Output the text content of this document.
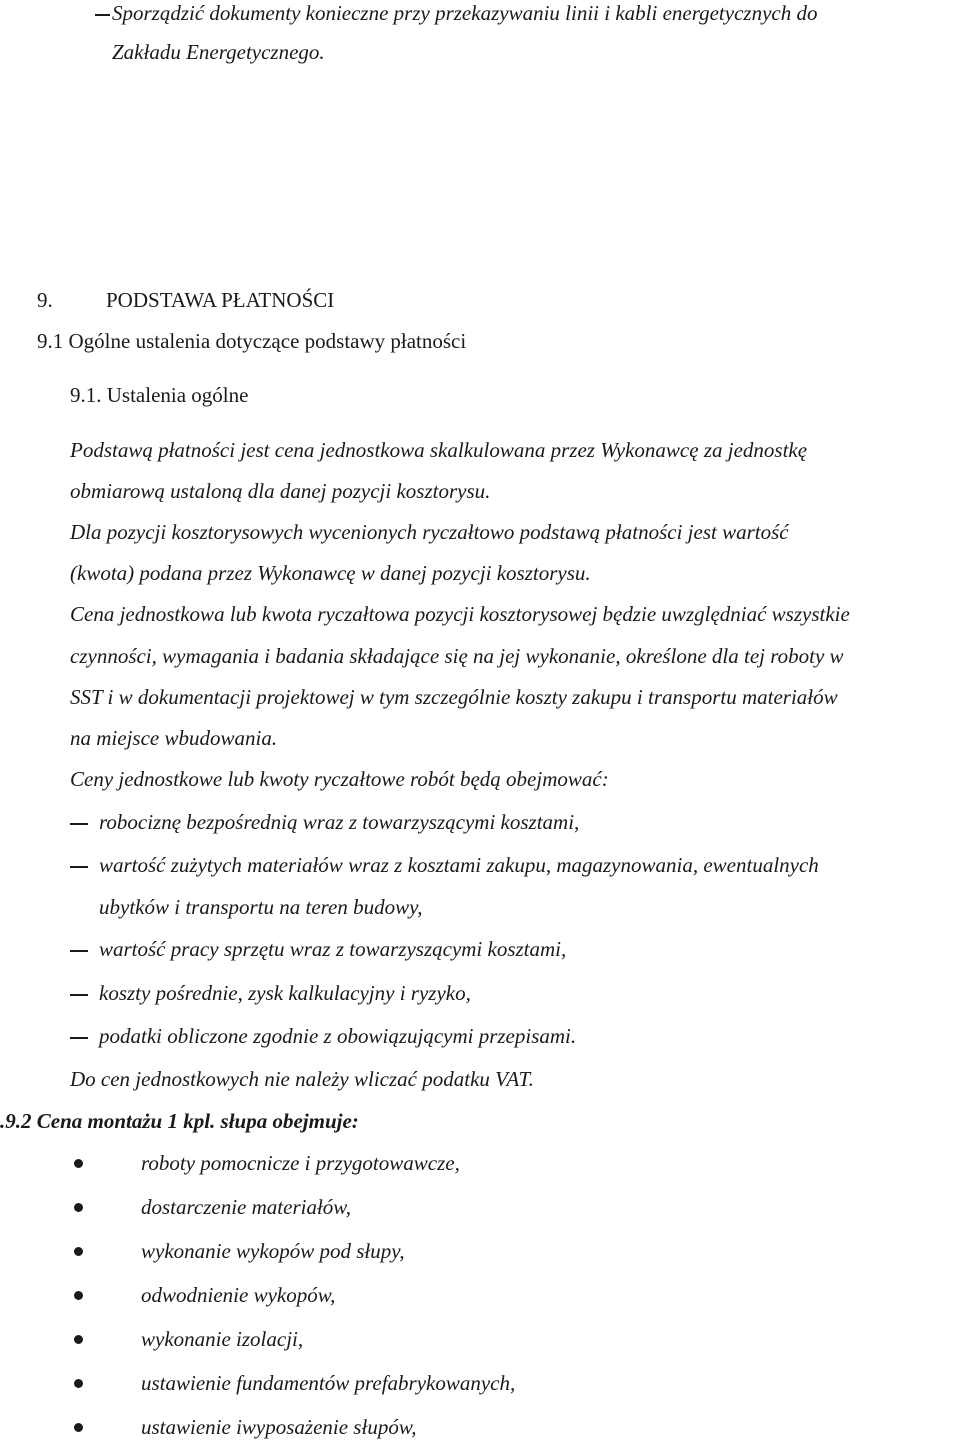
Sporządzić dokumenty konieczne przy przekazywaniu linii i kabli energetycznych do
Zakładu Energetycznego.
9.	PODSTAWA PŁATNOŚCI
9.1 Ogólne ustalenia dotyczące podstawy płatności
9.1. Ustalenia ogólne
Podstawą płatności jest cena jednostkowa skalkulowana przez Wykonawcę za jednostkę
obmiarową ustaloną dla danej pozycji kosztorysu.
Dla pozycji kosztorysowych wycenionych ryczałtowo podstawą płatności jest wartość
(kwota) podana przez Wykonawcę w danej pozycji kosztorysu.
Cena jednostkowa lub kwota ryczałtowa pozycji kosztorysowej będzie uwzględniać wszystkie
czynności, wymagania i badania składające się na jej wykonanie, określone dla tej roboty w
SST i w dokumentacji projektowej w tym szczególnie koszty zakupu i transportu materiałów
na miejsce wbudowania.
Ceny jednostkowe lub kwoty ryczałtowe robót będą obejmować:
robociznę bezpośrednią wraz z towarzyszącymi kosztami,
wartość zużytych materiałów wraz z kosztami zakupu, magazynowania, ewentualnych
ubytków i transportu na teren budowy,
wartość pracy sprzętu wraz z towarzyszącymi kosztami,
koszty pośrednie, zysk kalkulacyjny i ryzyko,
podatki obliczone zgodnie z obowiązującymi przepisami.
Do cen jednostkowych nie należy wliczać podatku VAT.
.9.2 Cena montażu 1 kpl. słupa obejmuje:
roboty pomocnicze i przygotowawcze,
dostarczenie materiałów,
wykonanie wykopów pod słupy,
odwodnienie wykopów,
wykonanie izolacji,
ustawienie fundamentów prefabrykowanych,
ustawienie iwyposażenie słupów,
